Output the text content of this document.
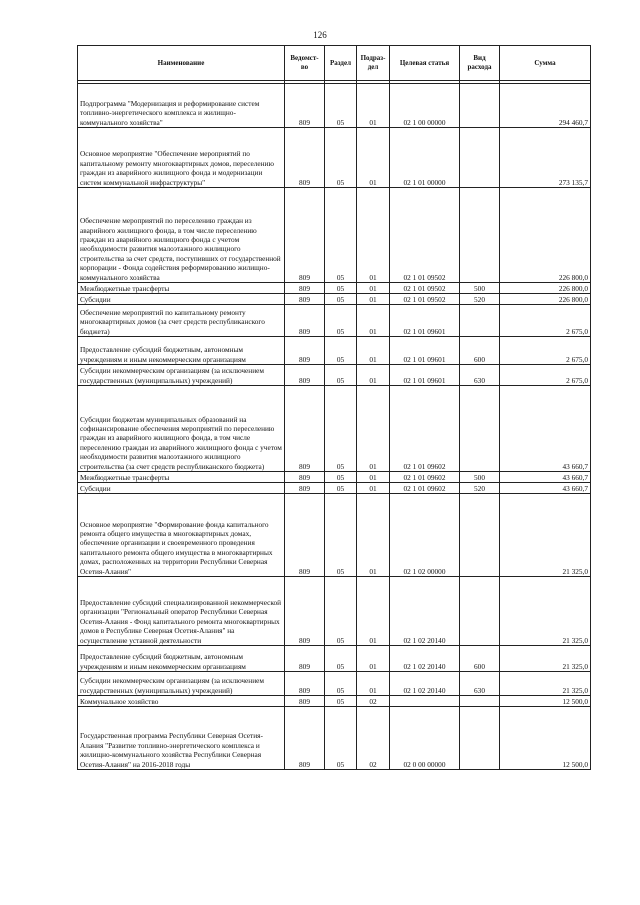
126
Наименование	Ведомст-во	Раздел	Подраз-дел	Целевая статья	Вид расхода	Сумма

Подпрограмма "Модернизация и реформирование систем топливно-энергетического комплекса и жилищно-коммунального хозяйства"	809	05	01	02 1 00 00000		294 460,7
Основное мероприятие "Обеспечение мероприятий по капитальному ремонту многоквартирных домов, переселению граждан из аварийного жилищного фонда и модернизации систем коммунальной инфраструктуры"	809	05	01	02 1 01 00000		273 135,7
Обеспечение мероприятий по переселению граждан из аварийного жилищного фонда, в том числе переселению граждан из аварийного жилищного фонда с учетом необходимости развития малоэтажного жилищного строительства за счет средств, поступивших от государственной корпорации - Фонда содействия реформированию жилищно-коммунального хозяйства	809	05	01	02 1 01 09502		226 800,0
Межбюджетные трансферты	809	05	01	02 1 01 09502	500	226 800,0
Субсидии	809	05	01	02 1 01 09502	520	226 800,0
Обеспечение мероприятий по капитальному ремонту многоквартирных домов (за счет средств республиканского бюджета)	809	05	01	02 1 01 09601		2 675,0
Предоставление субсидий бюджетным, автономным учреждениям и иным некоммерческим организациям	809	05	01	02 1 01 09601	600	2 675,0
Субсидии некоммерческим организациям (за исключением государственных (муниципальных) учреждений)	809	05	01	02 1 01 09601	630	2 675,0
Субсидии бюджетам муниципальных образований на софинансирование обеспечения мероприятий по переселению граждан из аварийного жилищного фонда, в том числе переселению граждан из аварийного жилищного фонда с учетом необходимости развития малоэтажного жилищного строительства (за счет средств республиканского бюджета)	809	05	01	02 1 01 09602		43 660,7
Межбюджетные трансферты	809	05	01	02 1 01 09602	500	43 660,7
Субсидии	809	05	01	02 1 01 09602	520	43 660,7
Основное мероприятие "Формирование фонда капитального ремонта общего имущества в многоквартирных домах, обеспечение организации и своевременного проведения капитального ремонта общего имущества в многоквартирных домах, расположенных на территории Республики Северная Осетия-Алания"	809	05	01	02 1 02 00000		21 325,0
Предоставление субсидий специализированной некоммерческой организации "Региональный оператор Республики Северная Осетия-Алания - Фонд капитального ремонта многоквартирных домов в Республике Северная Осетия-Алания" на осуществление уставной деятельности	809	05	01	02 1 02 20140		21 325,0
Предоставление субсидий бюджетным, автономным учреждениям и иным некоммерческим организациям	809	05	01	02 1 02 20140	600	21 325,0
Субсидии некоммерческим организациям (за исключением государственных (муниципальных) учреждений)	809	05	01	02 1 02 20140	630	21 325,0
Коммунальное хозяйство	809	05	02			12 500,0
Государственная программа Республики Северная Осетия-Алания "Развитие топливно-энергетического комплекса и жилищно-коммунального хозяйства Республики Северная Осетия-Алания" на 2016-2018 годы	809	05	02	02 0 00 00000		12 500,0
